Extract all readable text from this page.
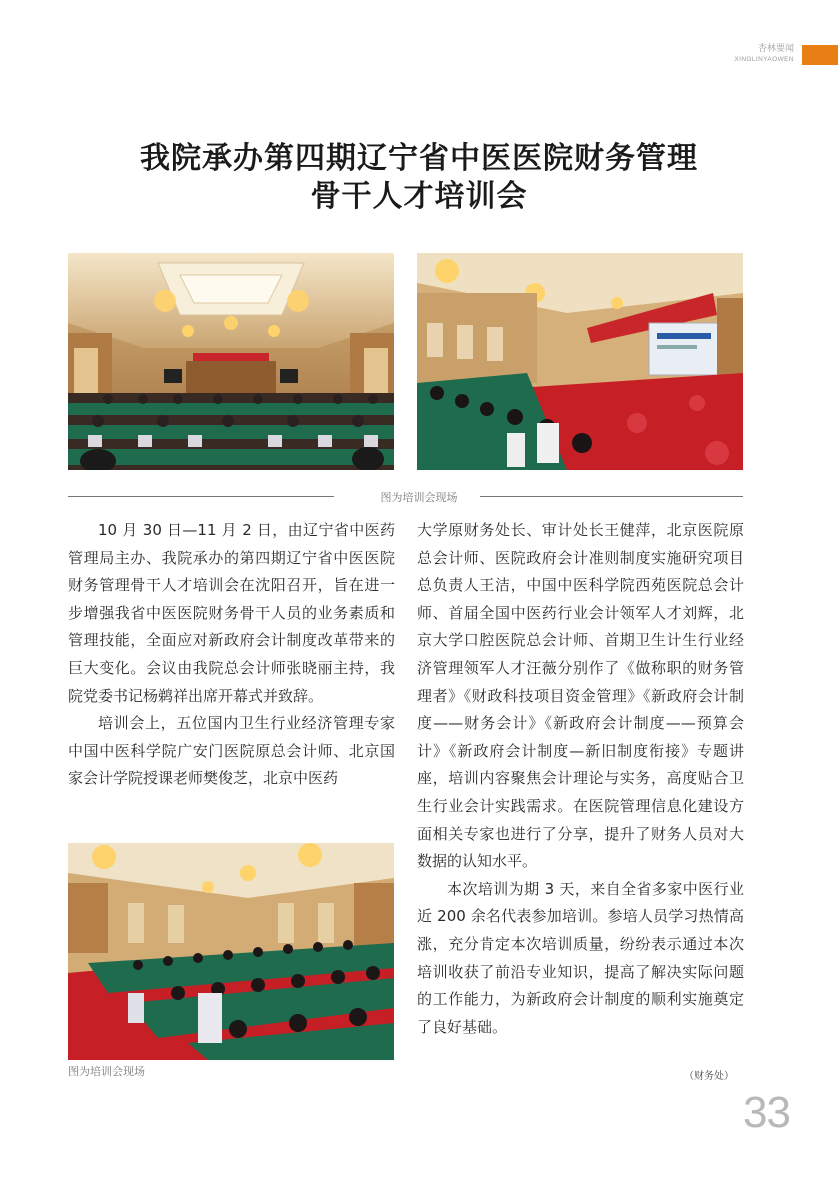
杏林要闻
XINGLINYAOWEN
我院承办第四期辽宁省中医医院财务管理
骨干人才培训会
图为培训会现场

10 月 30 日—11 月 2 日，由辽宁省中医药管理局主办、我院承办的第四期辽宁省中医医院财务管理骨干人才培训会在沈阳召开，旨在进一步增强我省中医医院财务骨干人员的业务素质和管理技能，全面应对新政府会计制度改革带来的巨大变化。会议由我院总会计师张晓丽主持，我院党委书记杨鹈祥出席开幕式并致辞。

培训会上，五位国内卫生行业经济管理专家中国中医科学院广安门医院原总会计师、北京国家会计学院授课老师樊俊芝，北京中医药

图为培训会现场

大学原财务处长、审计处长王健萍，北京医院原总会计师、医院政府会计准则制度实施研究项目总负责人王洁，中国中医科学院西苑医院总会计师、首届全国中医药行业会计领军人才刘辉，北京大学口腔医院总会计师、首期卫生计生行业经济管理领军人才汪薇分别作了《做称职的财务管理者》《财政科技项目资金管理》《新政府会计制度——财务会计》《新政府会计制度——预算会计》《新政府会计制度—新旧制度衔接》专题讲座，培训内容聚焦会计理论与实务，高度贴合卫生行业会计实践需求。在医院管理信息化建设方面相关专家也进行了分享，提升了财务人员对大数据的认知水平。

本次培训为期 3 天，来自全省多家中医行业近 200 余名代表参加培训。参培人员学习热情高涨，充分肯定本次培训质量，纷纷表示通过本次培训收获了前沿专业知识，提高了解决实际问题的工作能力，为新政府会计制度的顺利实施奠定了良好基础。

（财务处）
33
